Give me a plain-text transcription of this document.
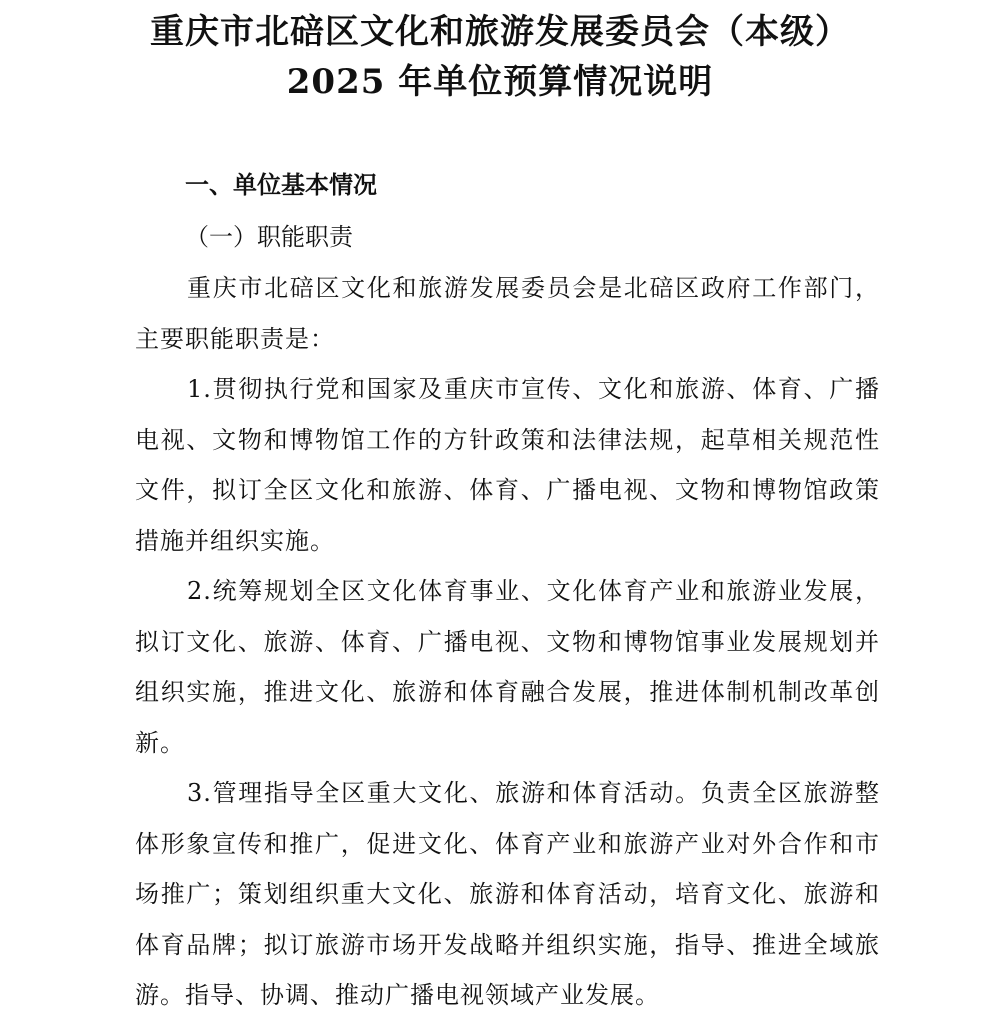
重庆市北碚区文化和旅游发展委员会（本级）
2025 年单位预算情况说明
一、单位基本情况
（一）职能职责

重庆市北碚区文化和旅游发展委员会是北碚区政府工作部门，主要职能职责是：

1.贯彻执行党和国家及重庆市宣传、文化和旅游、体育、广播电视、文物和博物馆工作的方针政策和法律法规，起草相关规范性文件，拟订全区文化和旅游、体育、广播电视、文物和博物馆政策措施并组织实施。

2.统筹规划全区文化体育事业、文化体育产业和旅游业发展，拟订文化、旅游、体育、广播电视、文物和博物馆事业发展规划并组织实施，推进文化、旅游和体育融合发展，推进体制机制改革创新。

3.管理指导全区重大文化、旅游和体育活动。负责全区旅游整体形象宣传和推广，促进文化、体育产业和旅游产业对外合作和市场推广；策划组织重大文化、旅游和体育活动，培育文化、旅游和体育品牌；拟订旅游市场开发战略并组织实施，指导、推进全域旅游。指导、协调、推动广播电视领域产业发展。
